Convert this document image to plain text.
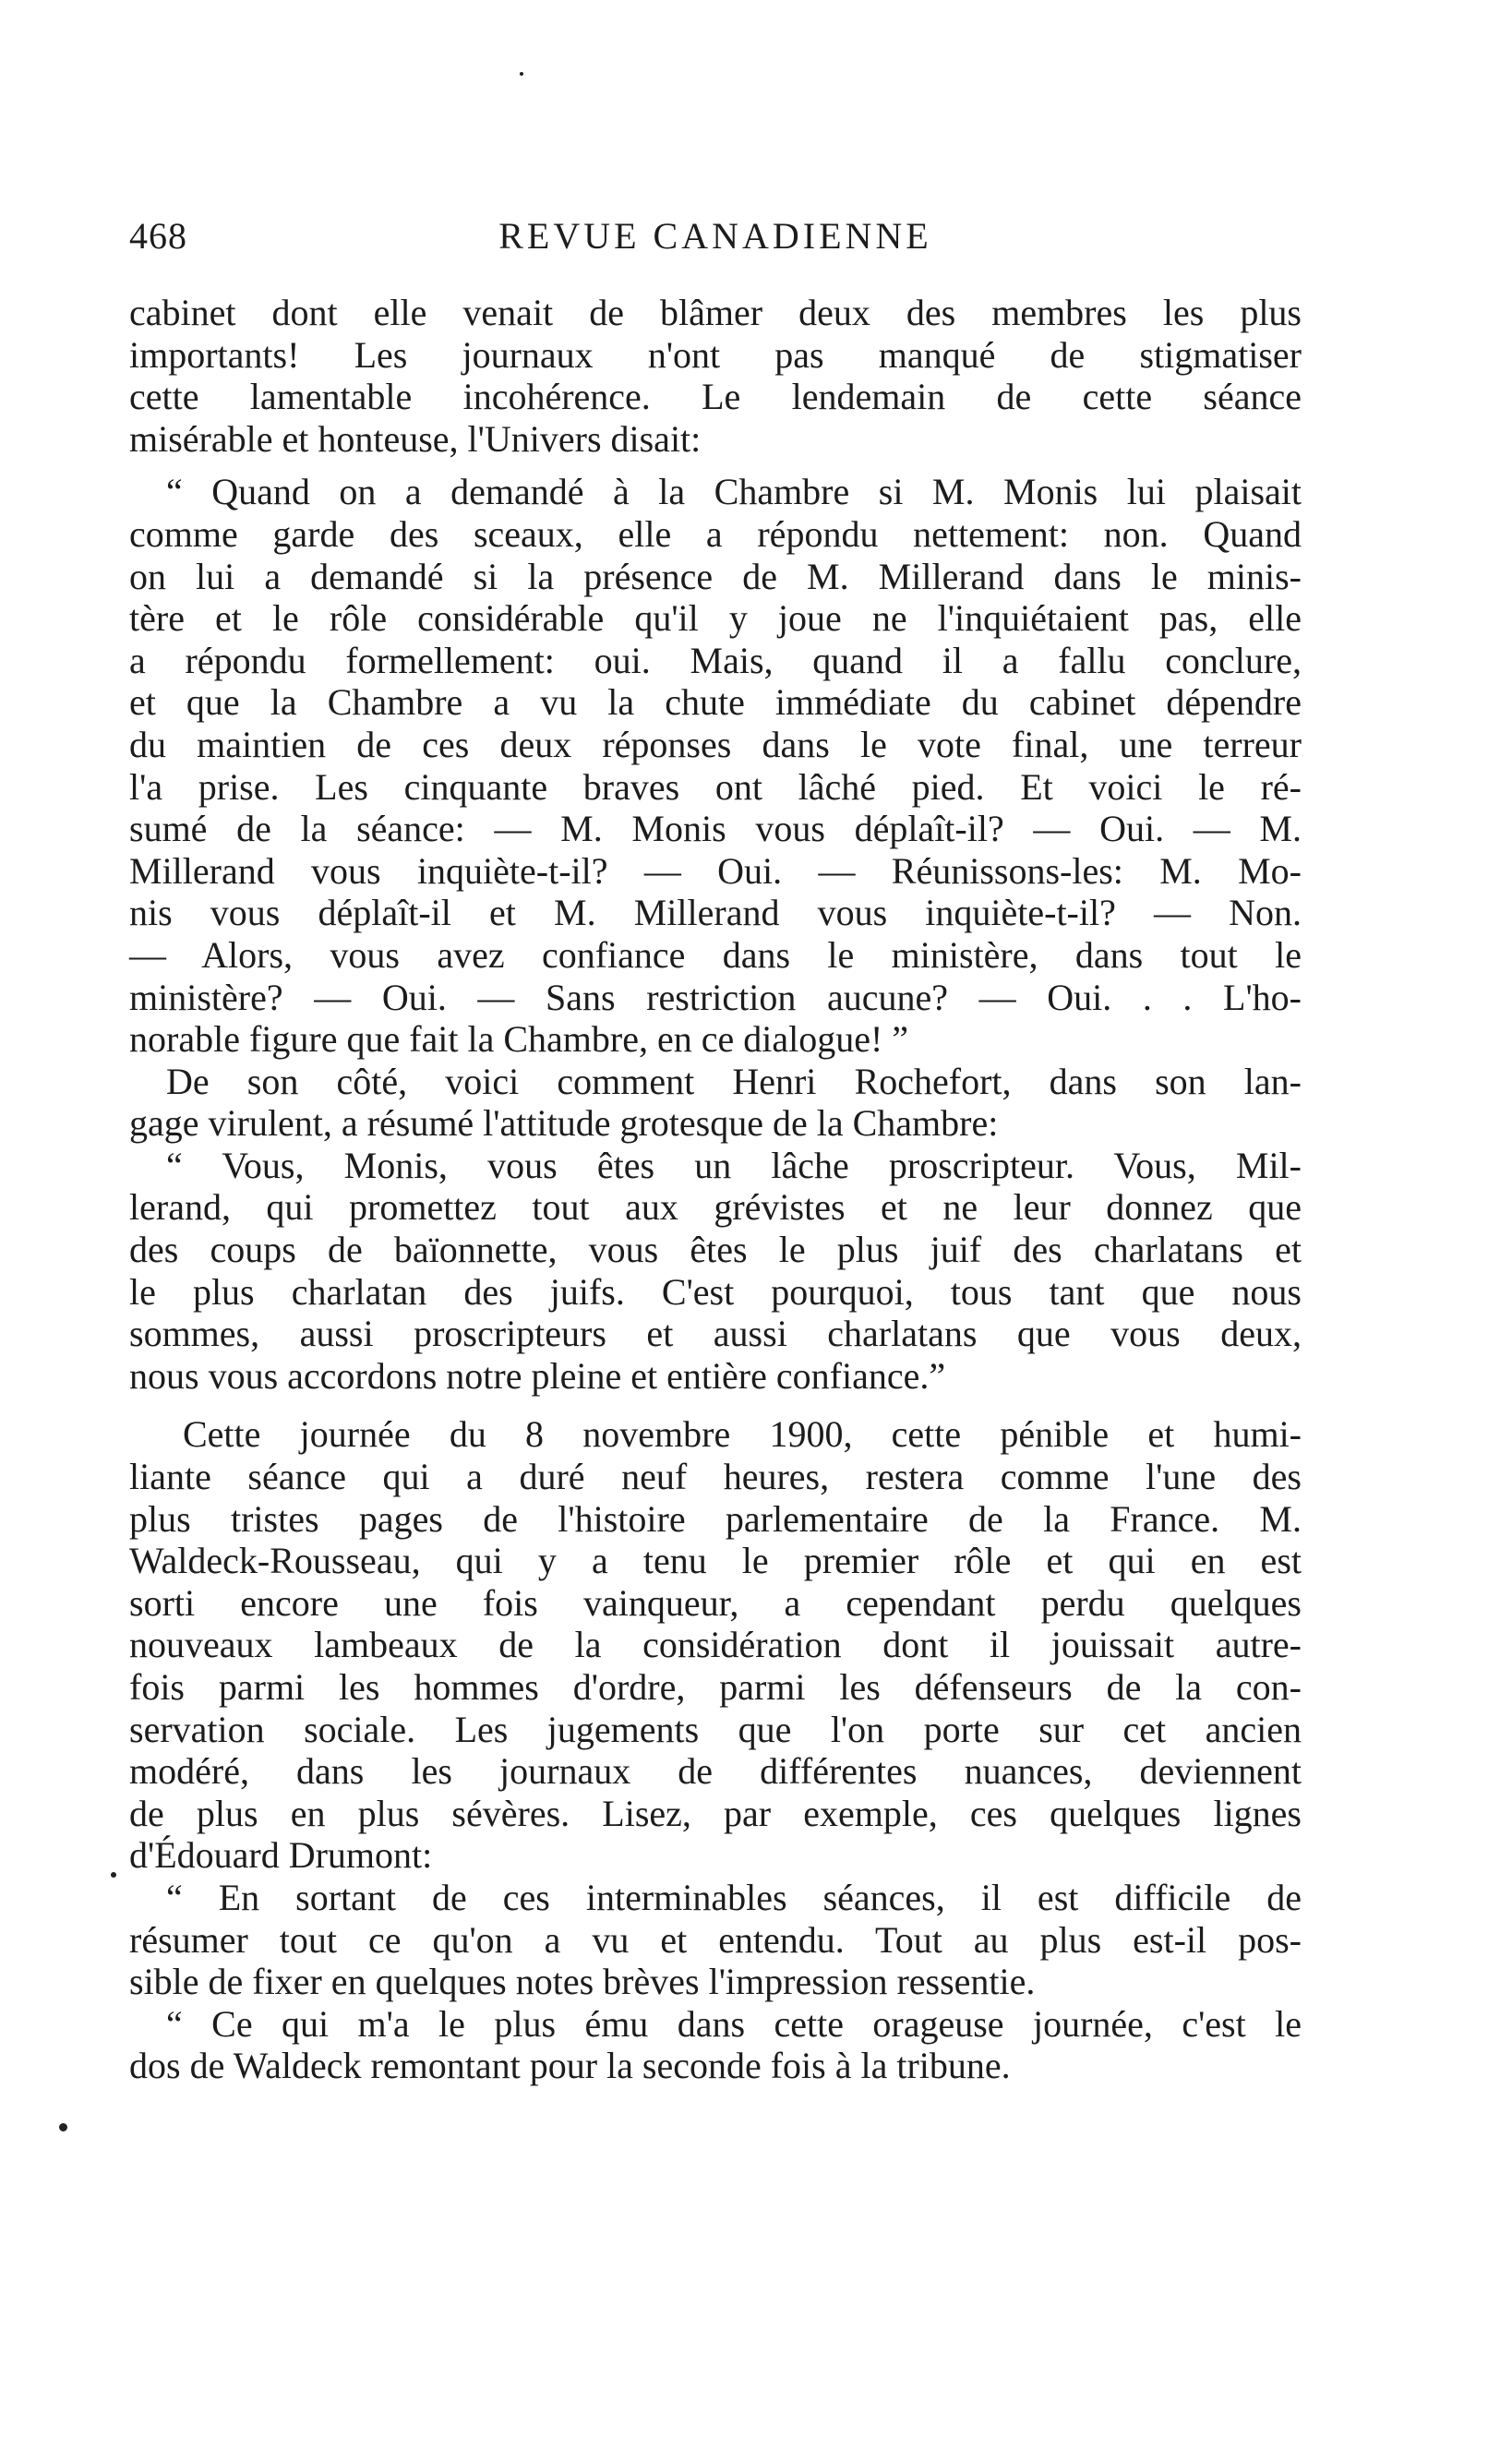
468	REVUE CANADIENNE
cabinet dont elle venait de blâmer deux des membres les plus
importants! Les journaux n'ont pas manqué de stigmatiser
cette lamentable incohérence. Le lendemain de cette séance
misérable et honteuse, l'Univers disait:
“ Quand on a demandé à la Chambre si M. Monis lui plaisait
comme garde des sceaux, elle a répondu nettement: non. Quand
on lui a demandé si la présence de M. Millerand dans le minis-
tère et le rôle considérable qu'il y joue ne l'inquiétaient pas, elle
a répondu formellement: oui. Mais, quand il a fallu conclure,
et que la Chambre a vu la chute immédiate du cabinet dépendre
du maintien de ces deux réponses dans le vote final, une terreur
l'a prise. Les cinquante braves ont lâché pied. Et voici le ré-
sumé de la séance: — M. Monis vous déplaît-il? — Oui. — M.
Millerand vous inquiète-t-il? — Oui. — Réunissons-les: M. Mo-
nis vous déplaît-il et M. Millerand vous inquiète-t-il? — Non.
— Alors, vous avez confiance dans le ministère, dans tout le
ministère? — Oui. — Sans restriction aucune? — Oui. . . L'ho-
norable figure que fait la Chambre, en ce dialogue! ”
De son côté, voici comment Henri Rochefort, dans son lan-
gage virulent, a résumé l'attitude grotesque de la Chambre:
“ Vous, Monis, vous êtes un lâche proscripteur. Vous, Mil-
lerand, qui promettez tout aux grévistes et ne leur donnez que
des coups de baïonnette, vous êtes le plus juif des charlatans et
le plus charlatan des juifs. C'est pourquoi, tous tant que nous
sommes, aussi proscripteurs et aussi charlatans que vous deux,
nous vous accordons notre pleine et entière confiance.”
Cette journée du 8 novembre 1900, cette pénible et humi-
liante séance qui a duré neuf heures, restera comme l'une des
plus tristes pages de l'histoire parlementaire de la France. M.
Waldeck-Rousseau, qui y a tenu le premier rôle et qui en est
sorti encore une fois vainqueur, a cependant perdu quelques
nouveaux lambeaux de la considération dont il jouissait autre-
fois parmi les hommes d'ordre, parmi les défenseurs de la con-
servation sociale. Les jugements que l'on porte sur cet ancien
modéré, dans les journaux de différentes nuances, deviennent
de plus en plus sévères. Lisez, par exemple, ces quelques lignes
d'Édouard Drumont:
“ En sortant de ces interminables séances, il est difficile de
résumer tout ce qu'on a vu et entendu. Tout au plus est-il pos-
sible de fixer en quelques notes brèves l'impression ressentie.
“ Ce qui m'a le plus ému dans cette orageuse journée, c'est le
dos de Waldeck remontant pour la seconde fois à la tribune.
